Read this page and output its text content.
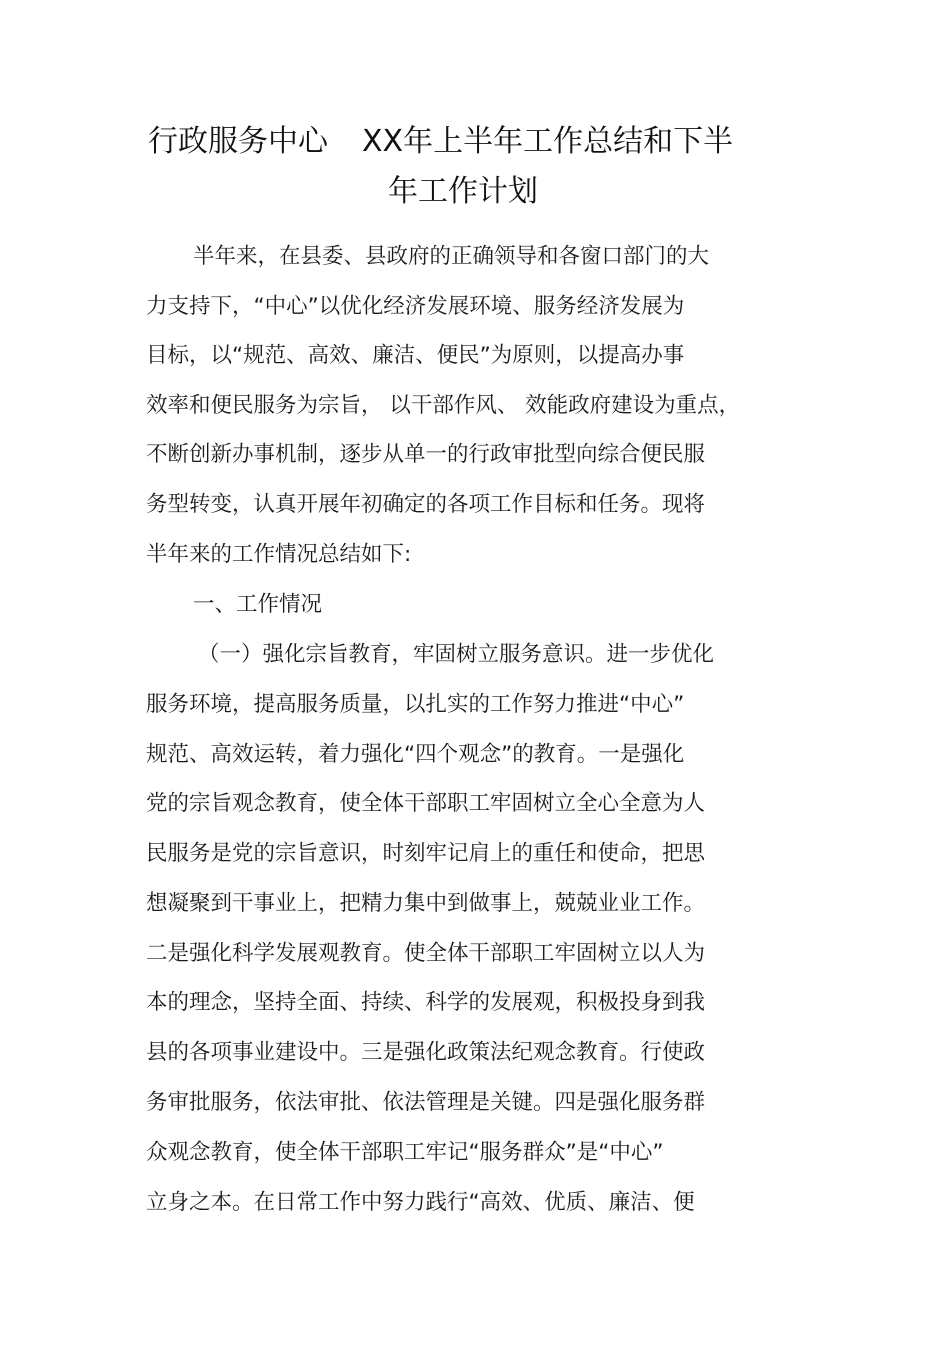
行政服务中心 XX年上半年工作总结和下半
年工作计划
半年来，在县委、县政府的正确领导和各窗口部门的大
力支持下，“中心”以优化经济发展环境、服务经济发展为
目标，以“规范、高效、廉洁、便民”为原则，以提高办事
效率和便民服务为宗旨， 以干部作风、 效能政府建设为重点，
不断创新办事机制，逐步从单一的行政审批型向综合便民服
务型转变，认真开展年初确定的各项工作目标和任务。现将
半年来的工作情况总结如下:
一、工作情况
（一）强化宗旨教育，牢固树立服务意识。进一步优化
服务环境，提高服务质量，以扎实的工作努力推进“中心”
规范、高效运转，着力强化“四个观念”的教育。一是强化
党的宗旨观念教育，使全体干部职工牢固树立全心全意为人
民服务是党的宗旨意识，时刻牢记肩上的重任和使命，把思
想凝聚到干事业上，把精力集中到做事上，兢兢业业工作。
二是强化科学发展观教育。使全体干部职工牢固树立以人为
本的理念，坚持全面、持续、科学的发展观，积极投身到我
县的各项事业建设中。三是强化政策法纪观念教育。行使政
务审批服务，依法审批、依法管理是关键。四是强化服务群
众观念教育，使全体干部职工牢记“服务群众”是“中心”
立身之本。在日常工作中努力践行“高效、优质、廉洁、便
